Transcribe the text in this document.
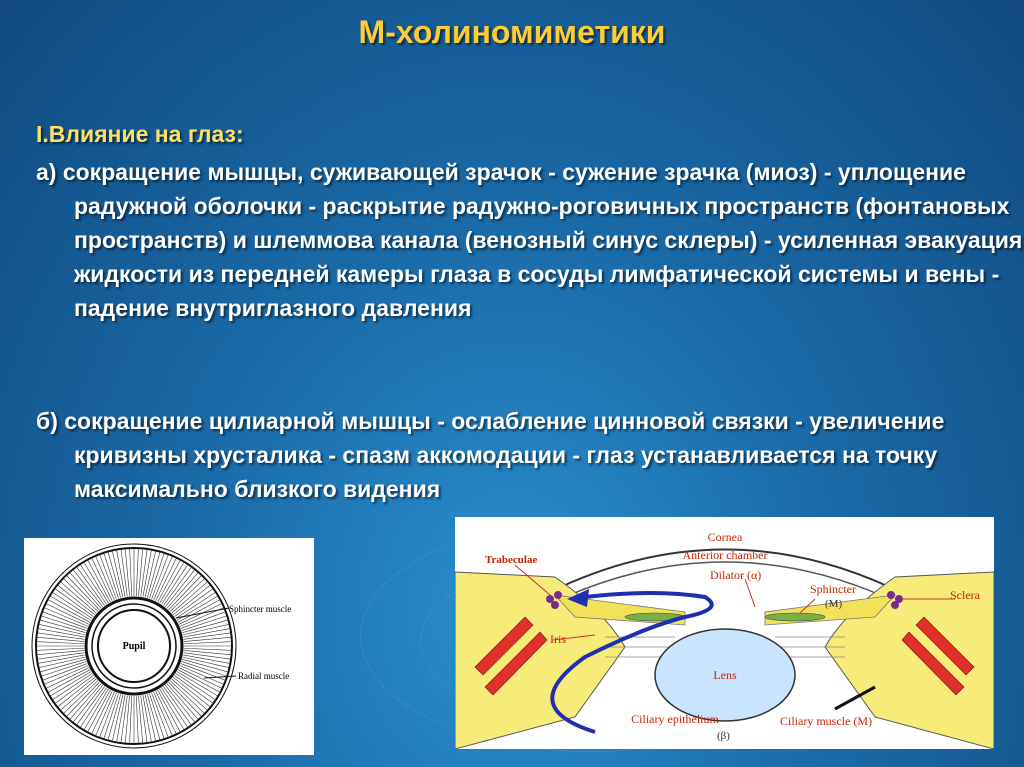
М-холиномиметики
I.Влияние на глаз:
а) сокращение мышцы, суживающей зрачок - сужение зрачка (миоз) - уплощение радужной оболочки - раскрытие радужно-роговичных пространств (фонтановых пространств) и шлеммова канала (венозный синус склеры) - усиленная эвакуация жидкости из передней камеры глаза в сосуды лимфатической системы и вены - падение внутриглазного давления
б) сокращение цилиарной мышцы - ослабление цинновой связки - увеличение кривизны хрусталика - спазм аккомодации - глаз устанавливается на точку максимально близкого видения
Pupil
Sphincter muscle
Radial muscle
Cornea
Anterior chamber
Trabeculae
Dilator (α)
Sphincter
(M)
Sclera
Iris
Lens
Ciliary epithelium
(β)
Ciliary muscle (M)
